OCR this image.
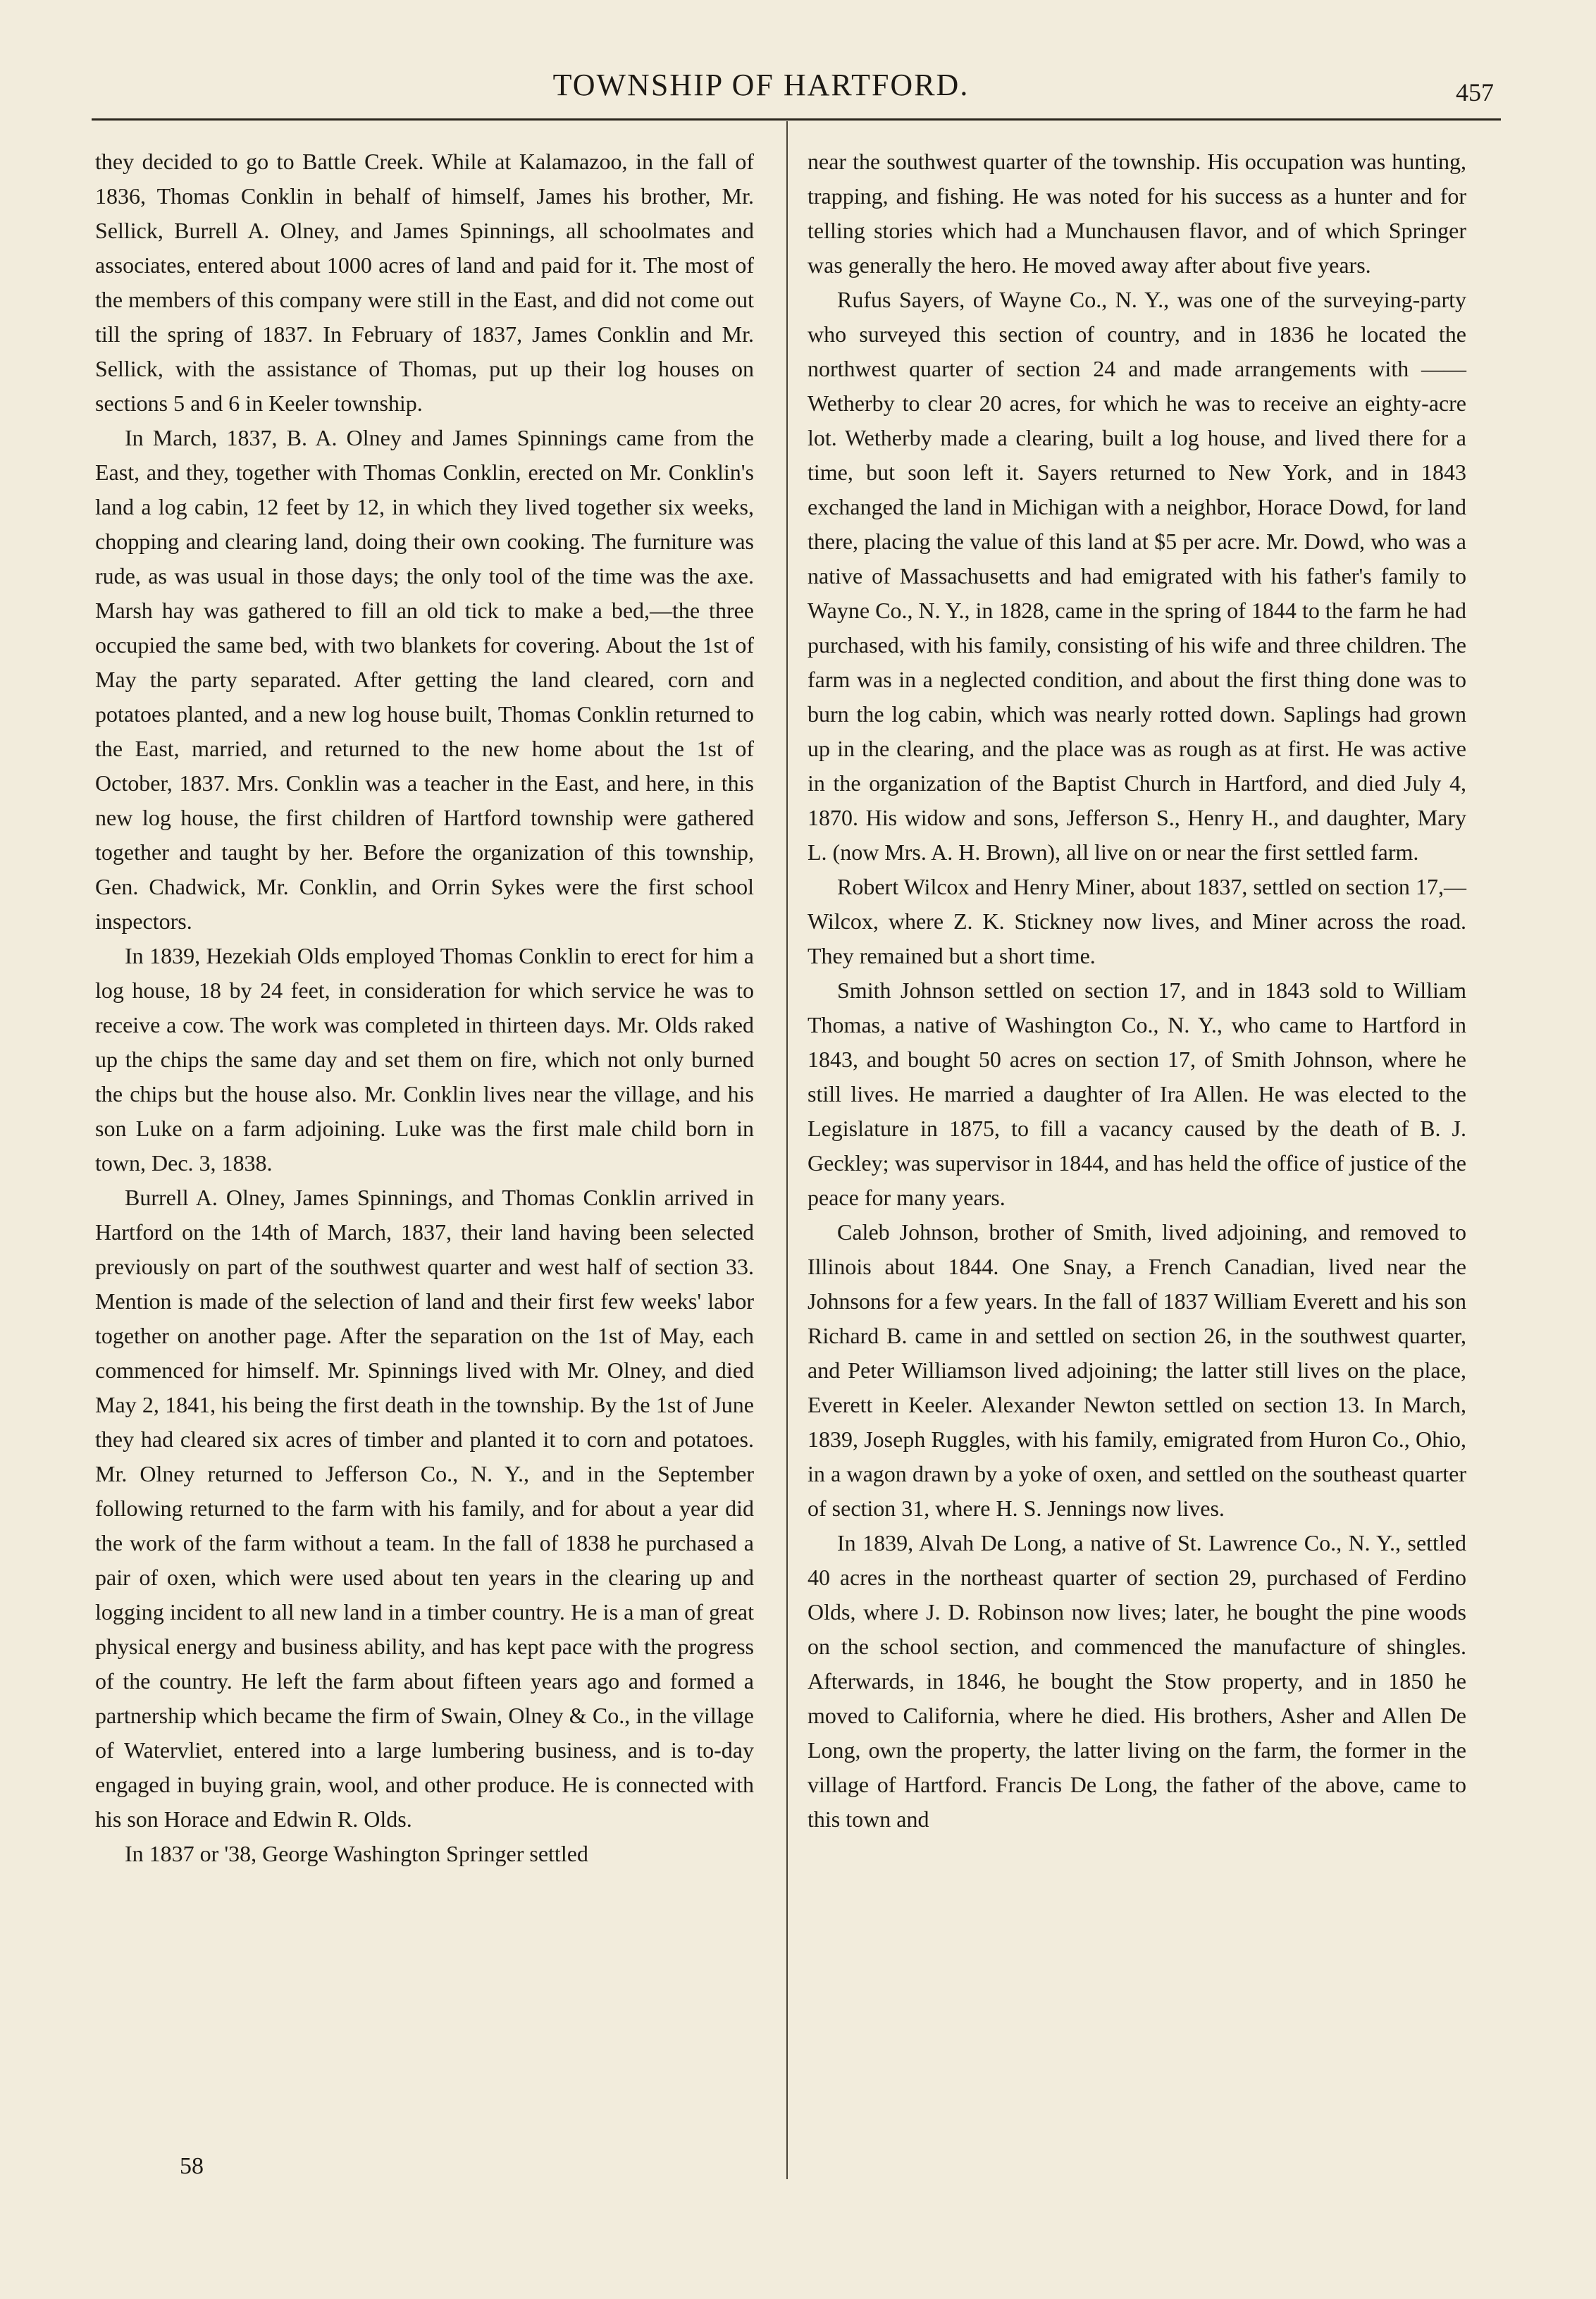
TOWNSHIP OF HARTFORD.	457

they decided to go to Battle Creek. While at Kalamazoo, in the fall of 1836, Thomas Conklin in behalf of himself, James his brother, Mr. Sellick, Burrell A. Olney, and James Spinnings, all schoolmates and associates, entered about 1000 acres of land and paid for it. The most of the members of this company were still in the East, and did not come out till the spring of 1837. In February of 1837, James Conklin and Mr. Sellick, with the assistance of Thomas, put up their log houses on sections 5 and 6 in Keeler township.

In March, 1837, B. A. Olney and James Spinnings came from the East, and they, together with Thomas Conklin, erected on Mr. Conklin's land a log cabin, 12 feet by 12, in which they lived together six weeks, chopping and clearing land, doing their own cooking. The furniture was rude, as was usual in those days; the only tool of the time was the axe. Marsh hay was gathered to fill an old tick to make a bed,—the three occupied the same bed, with two blankets for covering. About the 1st of May the party separated. After getting the land cleared, corn and potatoes planted, and a new log house built, Thomas Conklin returned to the East, married, and returned to the new home about the 1st of October, 1837. Mrs. Conklin was a teacher in the East, and here, in this new log house, the first children of Hartford township were gathered together and taught by her. Before the organization of this township, Gen. Chadwick, Mr. Conklin, and Orrin Sykes were the first school inspectors.

In 1839, Hezekiah Olds employed Thomas Conklin to erect for him a log house, 18 by 24 feet, in consideration for which service he was to receive a cow. The work was completed in thirteen days. Mr. Olds raked up the chips the same day and set them on fire, which not only burned the chips but the house also. Mr. Conklin lives near the village, and his son Luke on a farm adjoining. Luke was the first male child born in town, Dec. 3, 1838.

Burrell A. Olney, James Spinnings, and Thomas Conklin arrived in Hartford on the 14th of March, 1837, their land having been selected previously on part of the southwest quarter and west half of section 33. Mention is made of the selection of land and their first few weeks' labor together on another page. After the separation on the 1st of May, each commenced for himself. Mr. Spinnings lived with Mr. Olney, and died May 2, 1841, his being the first death in the township. By the 1st of June they had cleared six acres of timber and planted it to corn and potatoes. Mr. Olney returned to Jefferson Co., N. Y., and in the September following returned to the farm with his family, and for about a year did the work of the farm without a team. In the fall of 1838 he purchased a pair of oxen, which were used about ten years in the clearing up and logging incident to all new land in a timber country. He is a man of great physical energy and business ability, and has kept pace with the progress of the country. He left the farm about fifteen years ago and formed a partnership which became the firm of Swain, Olney & Co., in the village of Watervliet, entered into a large lumbering business, and is to-day engaged in buying grain, wool, and other produce. He is connected with his son Horace and Edwin R. Olds.

In 1837 or '38, George Washington Springer settled

near the southwest quarter of the township. His occupation was hunting, trapping, and fishing. He was noted for his success as a hunter and for telling stories which had a Munchausen flavor, and of which Springer was generally the hero. He moved away after about five years.

Rufus Sayers, of Wayne Co., N. Y., was one of the surveying-party who surveyed this section of country, and in 1836 he located the northwest quarter of section 24 and made arrangements with —— Wetherby to clear 20 acres, for which he was to receive an eighty-acre lot. Wetherby made a clearing, built a log house, and lived there for a time, but soon left it. Sayers returned to New York, and in 1843 exchanged the land in Michigan with a neighbor, Horace Dowd, for land there, placing the value of this land at $5 per acre. Mr. Dowd, who was a native of Massachusetts and had emigrated with his father's family to Wayne Co., N. Y., in 1828, came in the spring of 1844 to the farm he had purchased, with his family, consisting of his wife and three children. The farm was in a neglected condition, and about the first thing done was to burn the log cabin, which was nearly rotted down. Saplings had grown up in the clearing, and the place was as rough as at first. He was active in the organization of the Baptist Church in Hartford, and died July 4, 1870. His widow and sons, Jefferson S., Henry H., and daughter, Mary L. (now Mrs. A. H. Brown), all live on or near the first settled farm.

Robert Wilcox and Henry Miner, about 1837, settled on section 17,—Wilcox, where Z. K. Stickney now lives, and Miner across the road. They remained but a short time.

Smith Johnson settled on section 17, and in 1843 sold to William Thomas, a native of Washington Co., N. Y., who came to Hartford in 1843, and bought 50 acres on section 17, of Smith Johnson, where he still lives. He married a daughter of Ira Allen. He was elected to the Legislature in 1875, to fill a vacancy caused by the death of B. J. Geckley; was supervisor in 1844, and has held the office of justice of the peace for many years.

Caleb Johnson, brother of Smith, lived adjoining, and removed to Illinois about 1844. One Snay, a French Canadian, lived near the Johnsons for a few years. In the fall of 1837 William Everett and his son Richard B. came in and settled on section 26, in the southwest quarter, and Peter Williamson lived adjoining; the latter still lives on the place, Everett in Keeler. Alexander Newton settled on section 13. In March, 1839, Joseph Ruggles, with his family, emigrated from Huron Co., Ohio, in a wagon drawn by a yoke of oxen, and settled on the southeast quarter of section 31, where H. S. Jennings now lives.

In 1839, Alvah De Long, a native of St. Lawrence Co., N. Y., settled 40 acres in the northeast quarter of section 29, purchased of Ferdino Olds, where J. D. Robinson now lives; later, he bought the pine woods on the school section, and commenced the manufacture of shingles. Afterwards, in 1846, he bought the Stow property, and in 1850 he moved to California, where he died. His brothers, Asher and Allen De Long, own the property, the latter living on the farm, the former in the village of Hartford. Francis De Long, the father of the above, came to this town and

58
